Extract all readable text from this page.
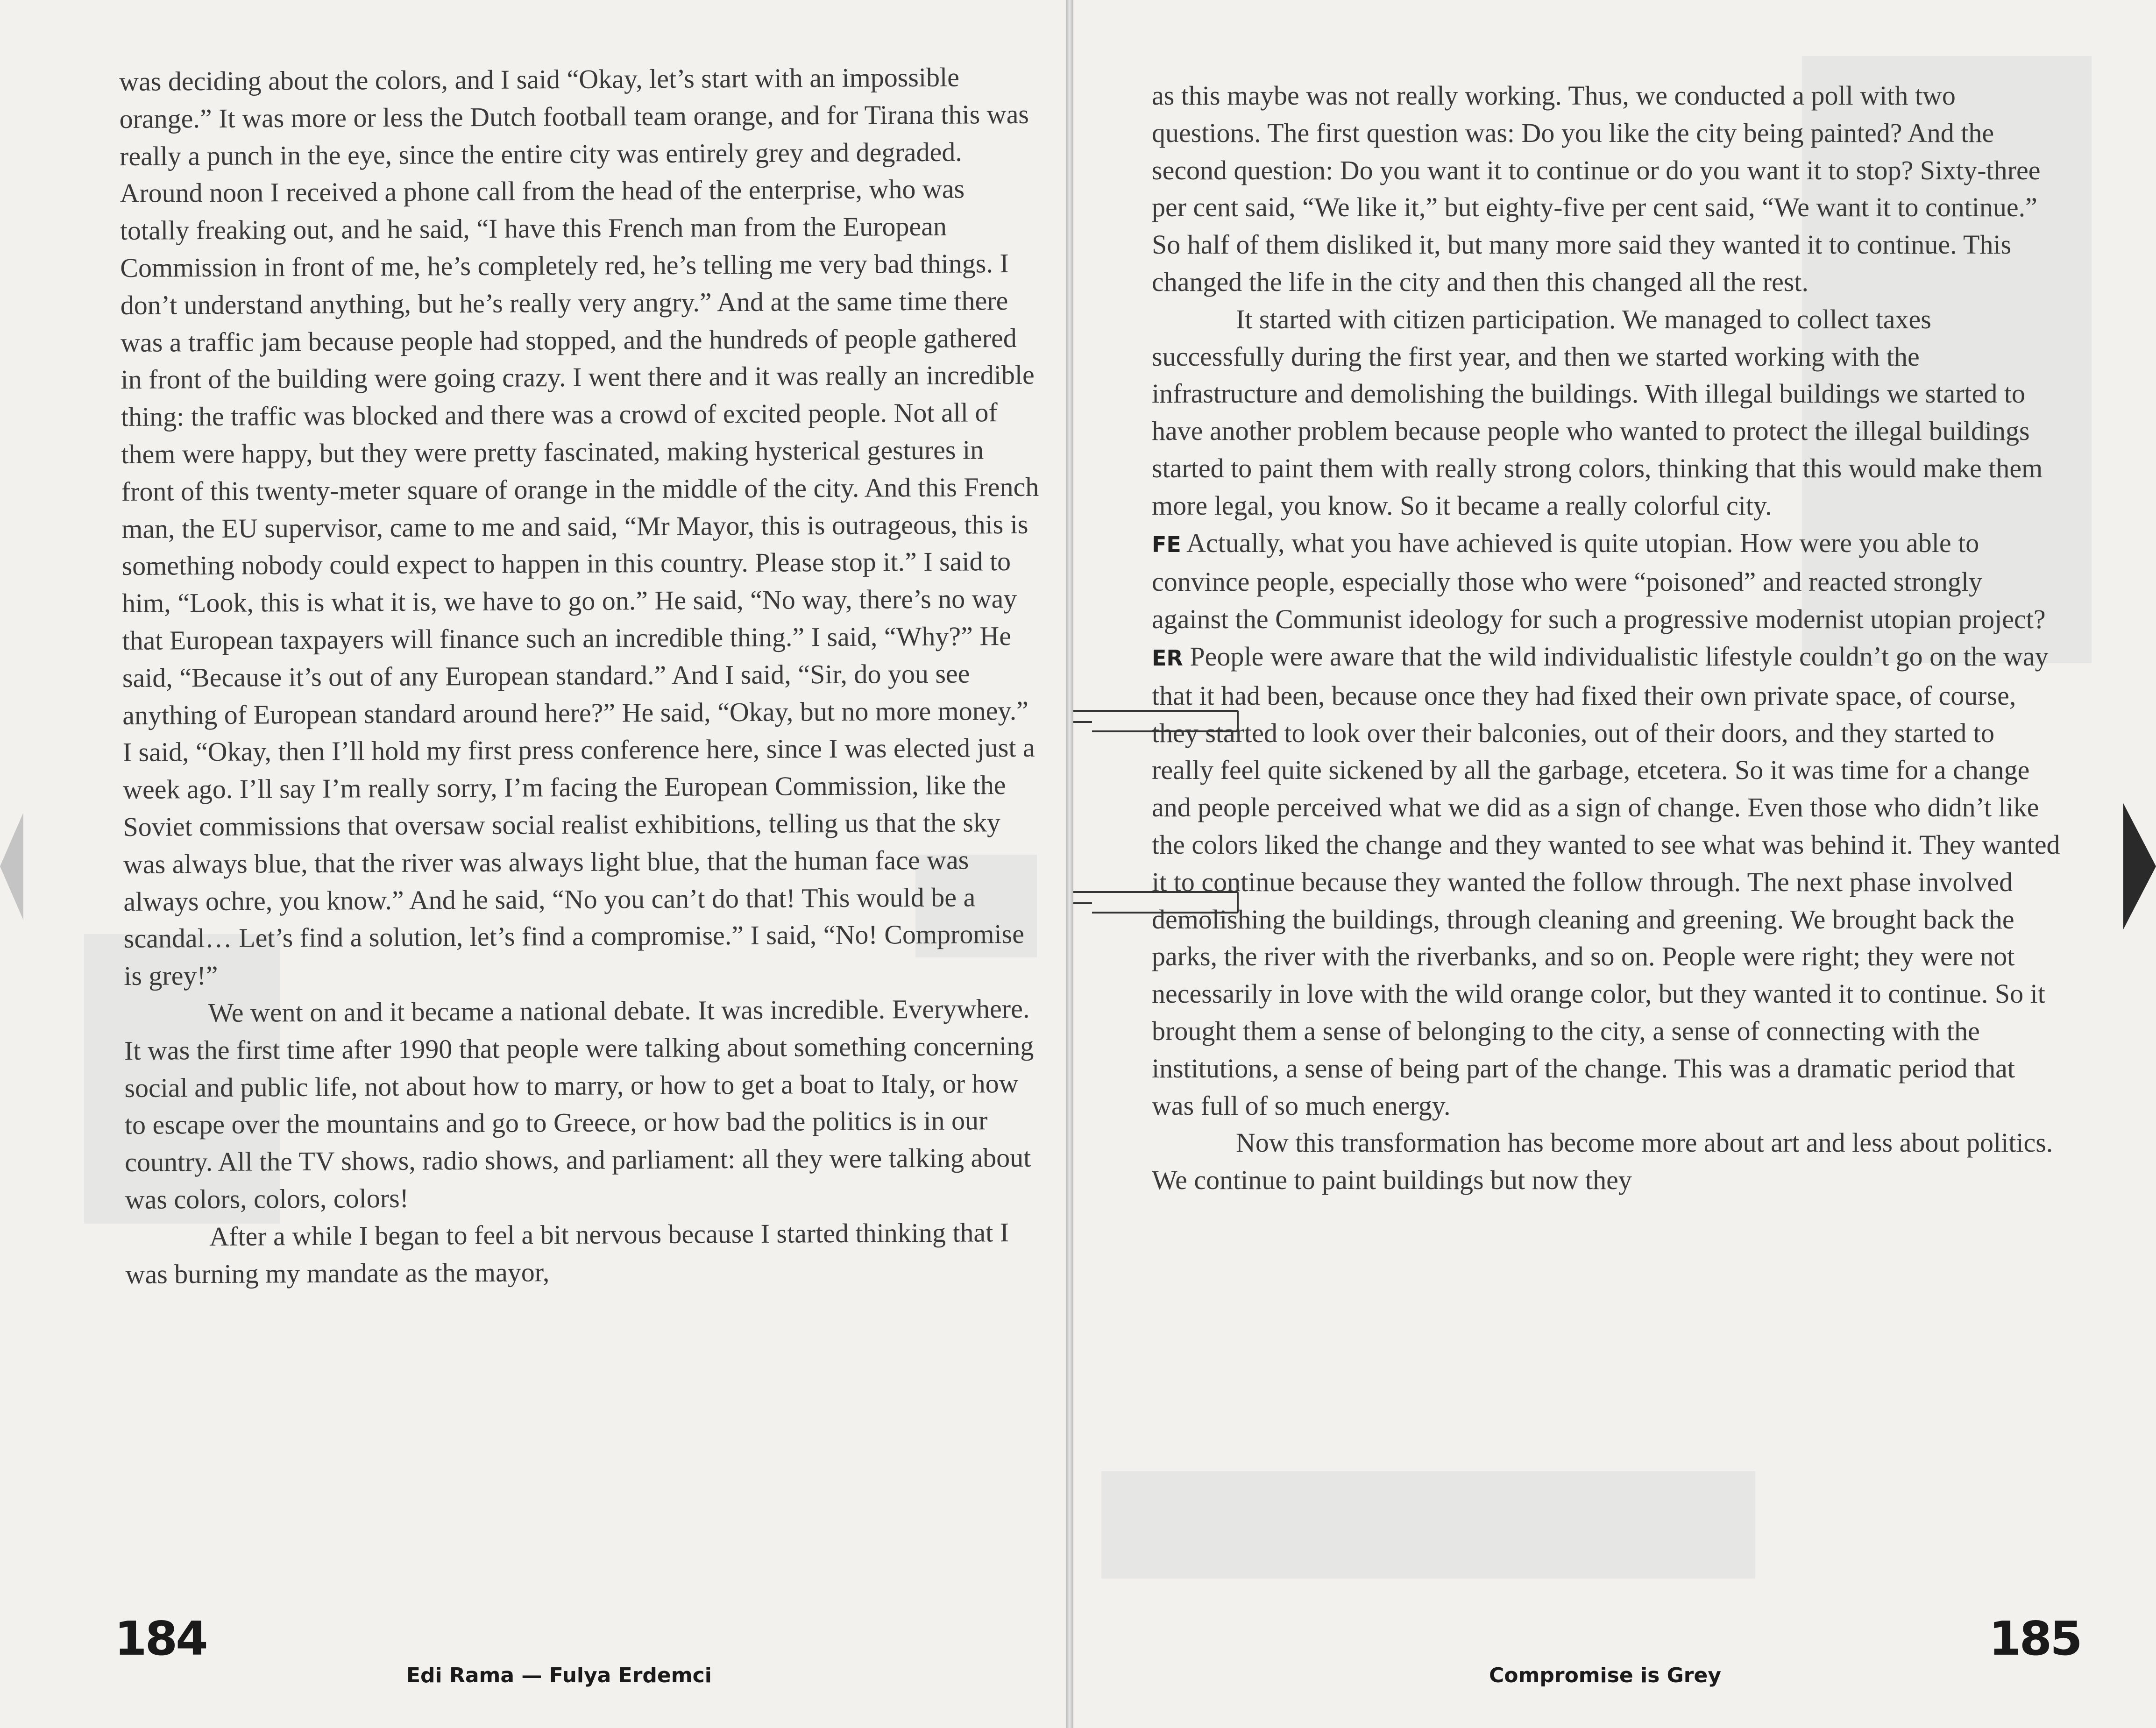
was deciding about the colors, and I said “Okay, let’s start with an impossible orange.” It was more or less the Dutch football team orange, and for Tirana this was really a punch in the eye, since the entire city was entirely grey and degraded. Around noon I received a phone call from the head of the enterprise, who was totally freaking out, and he said, “I have this French man from the European Commission in front of me, he’s completely red, he’s telling me very bad things. I don’t understand anything, but he’s really very angry.” And at the same time there was a traffic jam because people had stopped, and the hundreds of people gathered in front of the building were going crazy. I went there and it was really an incredible thing: the traffic was blocked and there was a crowd of excited people. Not all of them were happy, but they were pretty fascinated, making hysterical gestures in front of this twenty-meter square of orange in the middle of the city. And this French man, the EU supervisor, came to me and said, “Mr Mayor, this is outrageous, this is something nobody could expect to happen in this country. Please stop it.” I said to him, “Look, this is what it is, we have to go on.” He said, “No way, there’s no way that European taxpayers will finance such an incredible thing.” I said, “Why?” He said, “Because it’s out of any European standard.” And I said, “Sir, do you see anything of European standard around here?” He said, “Okay, but no more money.” I said, “Okay, then I’ll hold my first press conference here, since I was elected just a week ago. I’ll say I’m really sorry, I’m facing the European Commission, like the Soviet commissions that oversaw social realist exhibitions, telling us that the sky was always blue, that the river was always light blue, that the human face was always ochre, you know.” And he said, “No you can’t do that! This would be a scandal… Let’s find a solution, let’s find a compromise.” I said, “No! Compromise is grey!”

We went on and it became a national debate. It was incredible. Everywhere. It was the first time after 1990 that people were talking about something concerning social and public life, not about how to marry, or how to get a boat to Italy, or how to escape over the mountains and go to Greece, or how bad the politics is in our country. All the TV shows, radio shows, and parliament: all they were talking about was colors, colors, colors!

After a while I began to feel a bit nervous because I started thinking that I was burning my mandate as the mayor,

184
Edi Rama — Fulya Erdemci

as this maybe was not really working. Thus, we conducted a poll with two questions. The first question was: Do you like the city being painted? And the second question: Do you want it to continue or do you want it to stop? Sixty-three per cent said, “We like it,” but eighty-five per cent said, “We want it to continue.” So half of them disliked it, but many more said they wanted it to continue. This changed the life in the city and then this changed all the rest.

It started with citizen participation. We managed to collect taxes successfully during the first year, and then we started working with the infrastructure and demolishing the buildings. With illegal buildings we started to have another problem because people who wanted to protect the illegal buildings started to paint them with really strong colors, thinking that this would make them more legal, you know. So it became a really colorful city.

FE Actually, what you have achieved is quite utopian. How were you able to convince people, especially those who were “poisoned” and reacted strongly against the Communist ideology for such a progressive modernist utopian project?

ER People were aware that the wild individualistic lifestyle couldn’t go on the way that it had been, because once they had fixed their own private space, of course, they started to look over their balconies, out of their doors, and they started to really feel quite sickened by all the garbage, etcetera. So it was time for a change and people perceived what we did as a sign of change. Even those who didn’t like the colors liked the change and they wanted to see what was behind it. They wanted it to continue because they wanted the follow through. The next phase involved demolishing the buildings, through cleaning and greening. We brought back the parks, the river with the riverbanks, and so on. People were right; they were not necessarily in love with the wild orange color, but they wanted it to continue. So it brought them a sense of belonging to the city, a sense of connecting with the institutions, a sense of being part of the change. This was a dramatic period that was full of so much energy.

Now this transformation has become more about art and less about politics. We continue to paint buildings but now they

Compromise is Grey
185
